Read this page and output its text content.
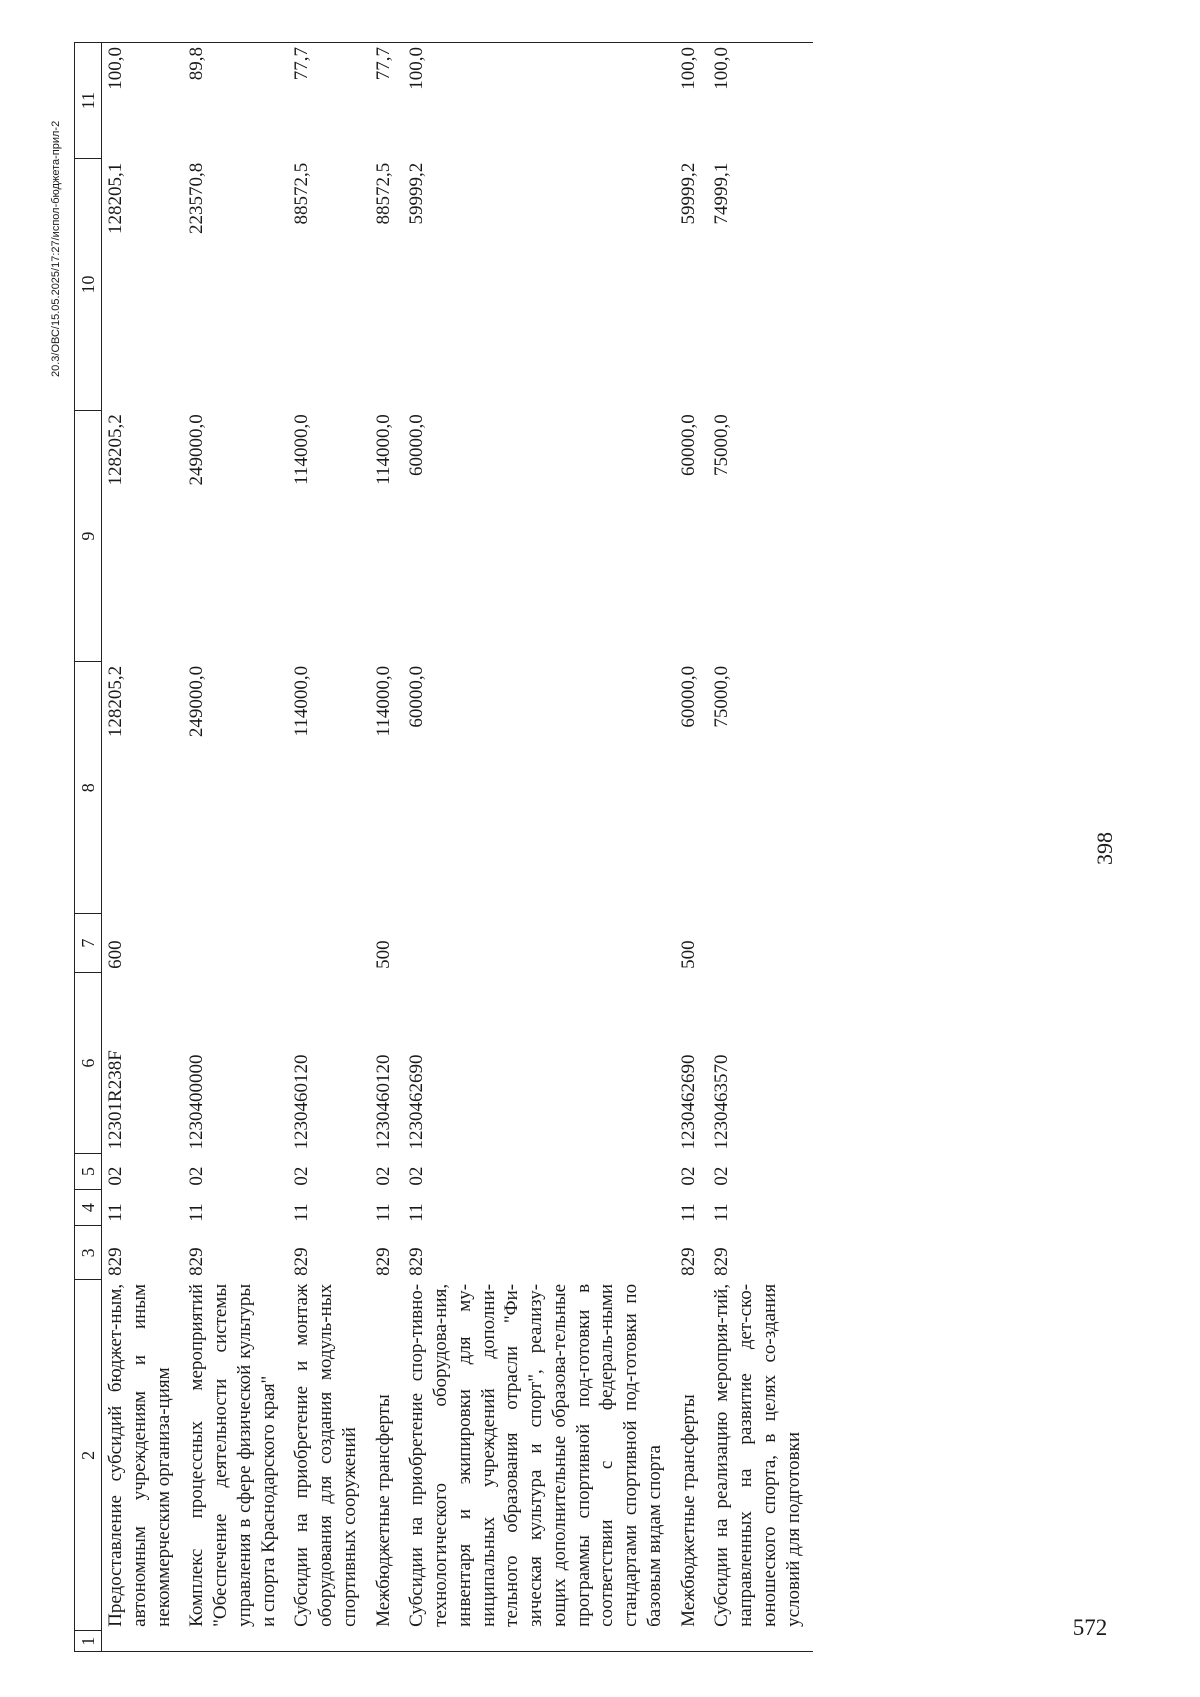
398
20.3/ОВС/15.05.2025/17:27/испол-бюджета-прил-2
1	2	3	4	5	6	7	8	9	10	11
	Предоставление субсидий бюджет-ным, автономным учреждениям и иным некоммерческим организа-циям	829	11	02	12301R238F	600	128205,2	128205,2	128205,1	100,0
	Комплекс процессных мероприятий "Обеспечение деятельности системы управления в сфере физической культуры и спорта Краснодарского края"	829	11	02	1230400000		249000,0	249000,0	223570,8	89,8
	Субсидии на приобретение и монтаж оборудования для создания модуль-ных спортивных сооружений	829	11	02	1230460120		114000,0	114000,0	88572,5	77,7
	Межбюджетные трансферты	829	11	02	1230460120	500	114000,0	114000,0	88572,5	77,7
	Субсидии на приобретение спор-тивно-технологического оборудова-ния, инвентаря и экипировки для му-ниципальных учреждений дополни-тельного образования отрасли "Фи-зическая культура и спорт", реализу-ющих дополнительные образова-тельные программы спортивной под-готовки в соответствии с федераль-ными стандартами спортивной под-готовки по базовым видам спорта	829	11	02	1230462690		60000,0	60000,0	59999,2	100,0
	Межбюджетные трансферты	829	11	02	1230462690	500	60000,0	60000,0	59999,2	100,0
	Субсидии на реализацию мероприя-тий, направленных на развитие дет-ско-юношеского спорта, в целях со-здания условий для подготовки	829	11	02	1230463570		75000,0	75000,0	74999,1	100,0
572
